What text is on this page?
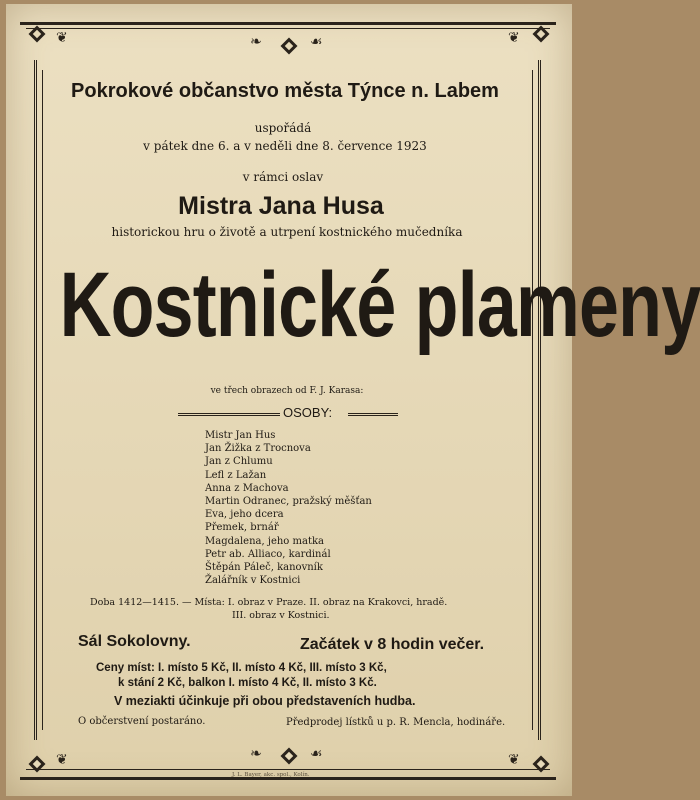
❦	❧	☙	❦
❦	❧	☙	❦
Pokrokové občanstvo města Týnce n. Labem
uspořádá
v pátek dne 6. a v neděli dne 8. července 1923
v rámci oslav
Mistra Jana Husa
historickou hru o životě a utrpení kostnického mučedníka
Kostnické plameny
ve třech obrazech od F. J. Karasa:
OSOBY:
Mistr Jan Hus
Jan Žižka z Trocnova
Jan z Chlumu
Lefl z Lažan
Anna z Machova
Martin Odranec, pražský měšťan
Eva, jeho dcera
Přemek, brnář
Magdalena, jeho matka
Petr ab. Alliaco, kardinál
Štěpán Páleč, kanovník
Žalářník v Kostnici
Doba 1412—1415. — Místa: I. obraz v Praze. II. obraz na Krakovci, hradě.
III. obraz v Kostnici.
Sál Sokolovny.	Začátek v 8 hodin večer.
Ceny míst: I. místo 5 Kč, II. místo 4 Kč, III. místo 3 Kč,
k stání 2 Kč, balkon I. místo 4 Kč, II. místo 3 Kč.
V meziakti účinkuje při obou představeních hudba.
O občerstvení postaráno.	Předprodej lístků u p. R. Mencla, hodináře.
J. L. Bayer, akc. spol., Kolín.
